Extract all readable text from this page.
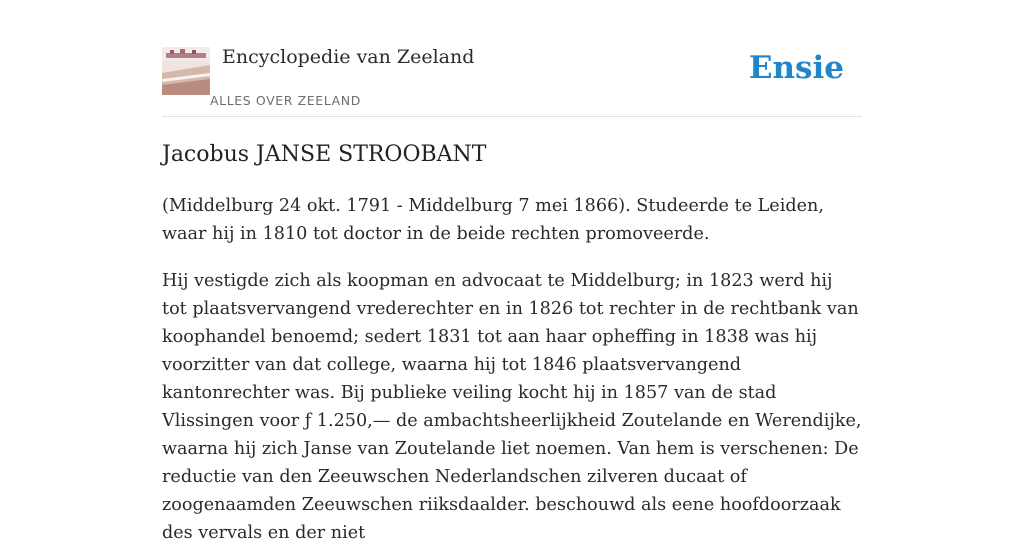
Encyclopedie van Zeeland
ALLES OVER ZEELAND
Ensie
Jacobus JANSE STROOBANT

(Middelburg 24 okt. 1791 - Middelburg 7 mei 1866). Studeerde te Leiden, waar hij in 1810 tot doctor in de beide rechten promoveerde.

Hij vestigde zich als koopman en advocaat te Middelburg; in 1823 werd hij tot plaatsvervangend vrederechter en in 1826 tot rechter in de rechtbank van koophandel benoemd; sedert 1831 tot aan haar opheffing in 1838 was hij voorzitter van dat college, waarna hij tot 1846 plaatsvervangend kantonrechter was. Bij publieke veiling kocht hij in 1857 van de stad Vlissingen voor ƒ 1.250,— de ambachtsheerlijkheid Zoutelande en Werendijke, waarna hij zich Janse van Zoutelande liet noemen. Van hem is verschenen: De reductie van den Zeeuwschen Nederlandschen zilveren ducaat of zoogenaamden Zeeuwschen riiksdaalder. beschouwd als eene hoofdoorzaak des vervals en der niet
